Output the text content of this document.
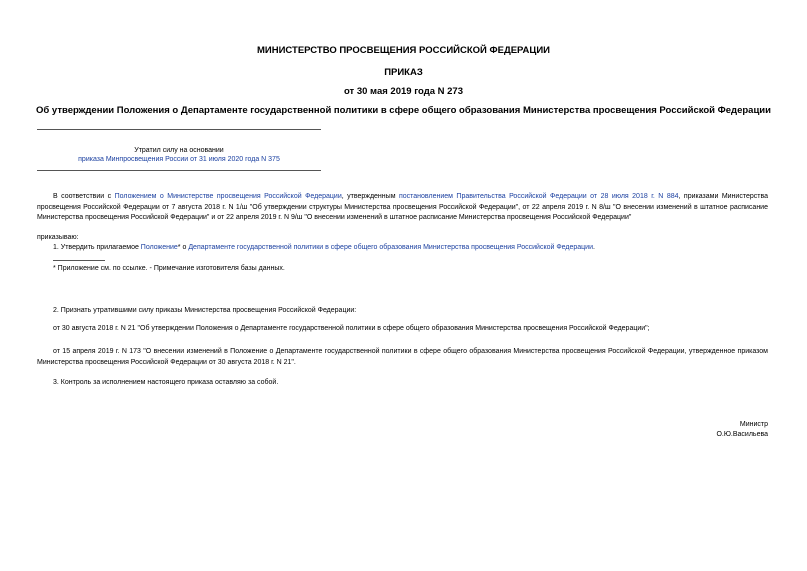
МИНИСТЕРСТВО ПРОСВЕЩЕНИЯ РОССИЙСКОЙ ФЕДЕРАЦИИ
ПРИКАЗ
от 30 мая 2019 года N 273
Об утверждении Положения о Департаменте государственной политики в сфере общего образования Министерства просвещения Российской Федерации
Утратил силу на основании
приказа Минпросвещения России от 31 июля 2020 года N 375
В соответствии с Положением о Министерстве просвещения Российской Федерации, утвержденным постановлением Правительства Российской Федерации от 28 июля 2018 г. N 884, приказами Министерства просвещения Российской Федерации от 7 августа 2018 г. N 1/ш "Об утверждении структуры Министерства просвещения Российской Федерации", от 22 апреля 2019 г. N 8/ш "О внесении изменений в штатное расписание Министерства просвещения Российской Федерации" и от 22 апреля 2019 г. N 9/ш "О внесении изменений в штатное расписание Министерства просвещения Российской Федерации"
приказываю:
1. Утвердить прилагаемое Положение* о Департаменте государственной политики в сфере общего образования Министерства просвещения Российской Федерации.
* Приложение см. по ссылке. - Примечание изготовителя базы данных.
2. Признать утратившими силу приказы Министерства просвещения Российской Федерации:
от 30 августа 2018 г. N 21 "Об утверждении Положения о Департаменте государственной политики в сфере общего образования Министерства просвещения Российской Федерации";
от 15 апреля 2019 г. N 173 "О внесении изменений в Положение о Департаменте государственной политики в сфере общего образования Министерства просвещения Российской Федерации, утвержденное приказом Министерства просвещения Российской Федерации от 30 августа 2018 г. N 21".
3. Контроль за исполнением настоящего приказа оставляю за собой.
Министр
О.Ю.Васильева
